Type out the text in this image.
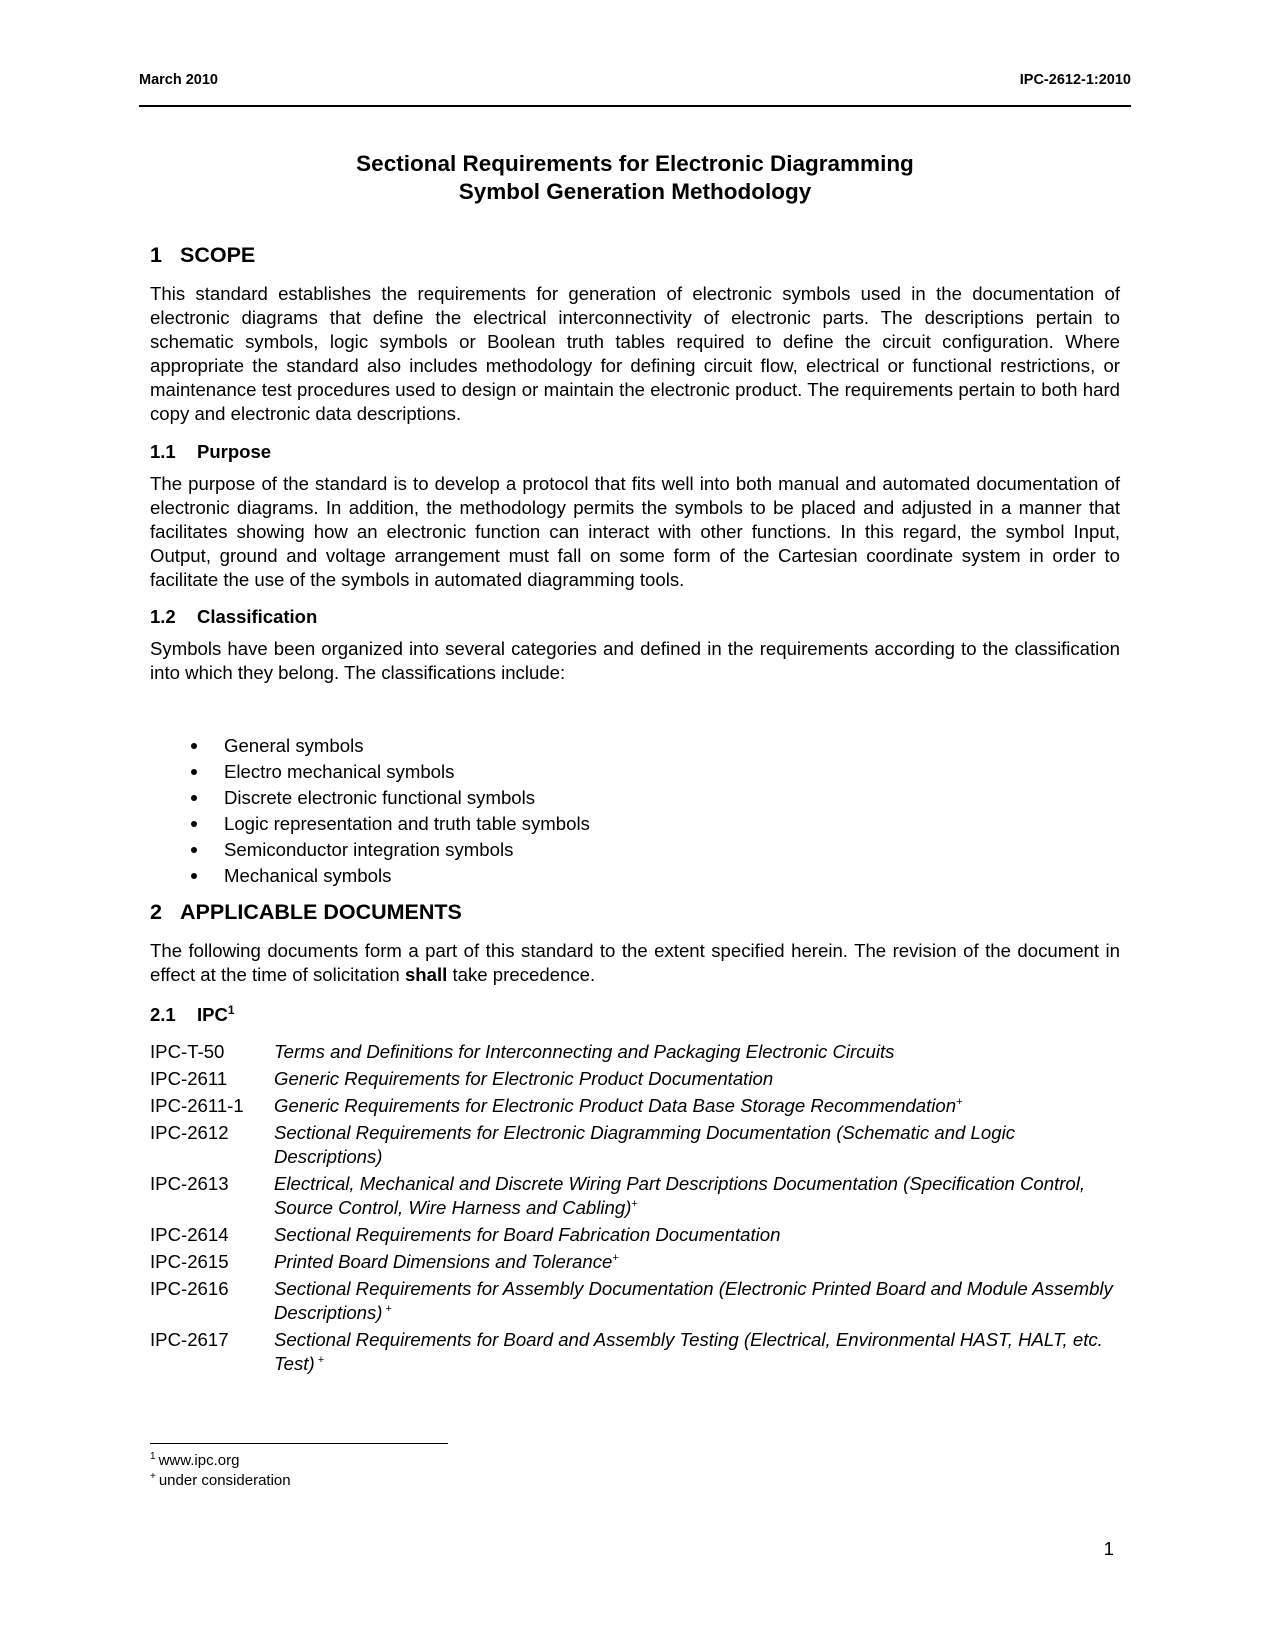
March 2010	IPC-2612-1:2010
Sectional Requirements for Electronic Diagramming
Symbol Generation Methodology
1 SCOPE
This standard establishes the requirements for generation of electronic symbols used in the documentation of electronic diagrams that define the electrical interconnectivity of electronic parts. The descriptions pertain to schematic symbols, logic symbols or Boolean truth tables required to define the circuit configuration. Where appropriate the standard also includes methodology for defining circuit flow, electrical or functional restrictions, or maintenance test procedures used to design or maintain the electronic product. The requirements pertain to both hard copy and electronic data descriptions.
1.1 Purpose
The purpose of the standard is to develop a protocol that fits well into both manual and automated documentation of electronic diagrams. In addition, the methodology permits the symbols to be placed and adjusted in a manner that facilitates showing how an electronic function can interact with other functions. In this regard, the symbol Input, Output, ground and voltage arrangement must fall on some form of the Cartesian coordinate system in order to facilitate the use of the symbols in automated diagramming tools.
1.2 Classification
Symbols have been organized into several categories and defined in the requirements according to the classification into which they belong. The classifications include:
General symbols
Electro mechanical symbols
Discrete electronic functional symbols
Logic representation and truth table symbols
Semiconductor integration symbols
Mechanical symbols
2 APPLICABLE DOCUMENTS
The following documents form a part of this standard to the extent specified herein. The revision of the document in effect at the time of solicitation shall take precedence.
2.1 IPC$^1$
IPC-T-50	Terms and Definitions for Interconnecting and Packaging Electronic Circuits
IPC-2611	Generic Requirements for Electronic Product Documentation
IPC-2611-1	Generic Requirements for Electronic Product Data Base Storage Recommendation+
IPC-2612	Sectional Requirements for Electronic Diagramming Documentation (Schematic and Logic Descriptions)
IPC-2613	Electrical, Mechanical and Discrete Wiring Part Descriptions Documentation (Specification Control, Source Control, Wire Harness and Cabling)+
IPC-2614	Sectional Requirements for Board Fabrication Documentation
IPC-2615	Printed Board Dimensions and Tolerance+
IPC-2616	Sectional Requirements for Assembly Documentation (Electronic Printed Board and Module Assembly Descriptions) +
IPC-2617	Sectional Requirements for Board and Assembly Testing (Electrical, Environmental HAST, HALT, etc. Test) +
$^1$ www.ipc.org
+ under consideration
1
